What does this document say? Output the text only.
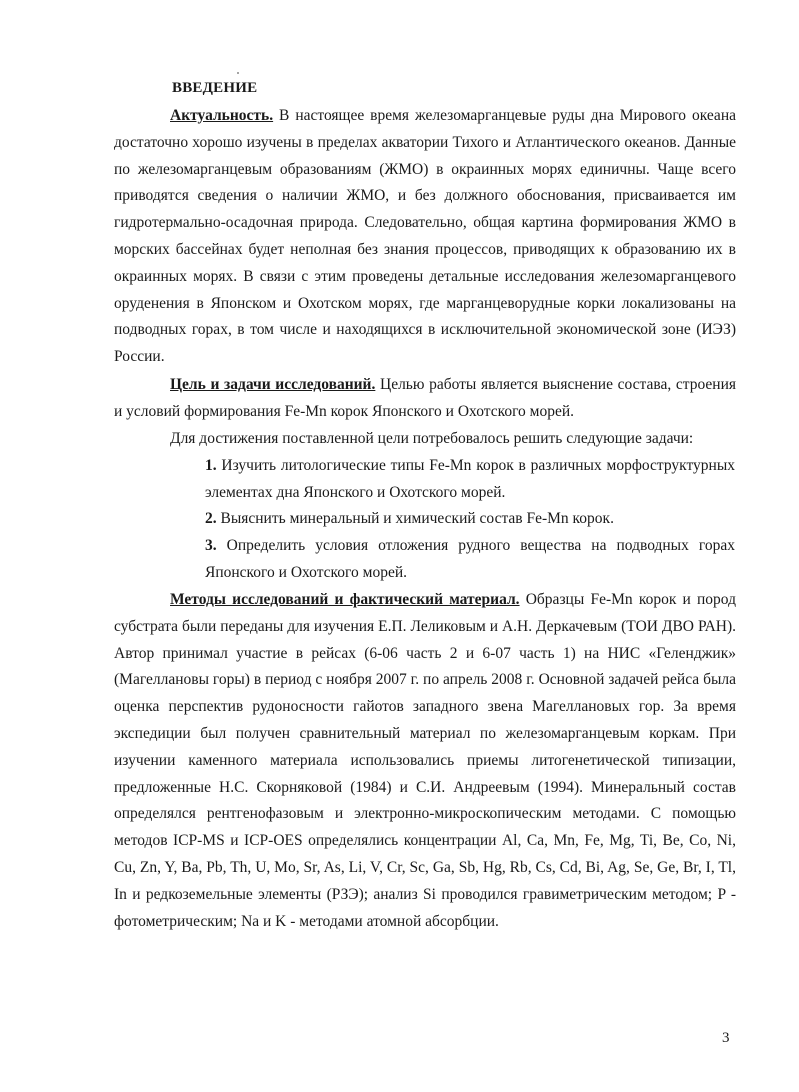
ВВЕДЕНИЕ

Актуальность. В настоящее время железомарганцевые руды дна Мирового океана достаточно хорошо изучены в пределах акватории Тихого и Атлантического океанов. Данные по железомарганцевым образованиям (ЖМО) в окраинных морях единичны. Чаще всего приводятся сведения о наличии ЖМО, и без должного обоснования, присваивается им гидротермально-осадочная природа. Следовательно, общая картина формирования ЖМО в морских бассейнах будет неполная без знания процессов, приводящих к образованию их в окраинных морях. В связи с этим проведены детальные исследования железомарганцевого оруденения в Японском и Охотском морях, где марганцеворудные корки локализованы на подводных горах, в том числе и находящихся в исключительной экономической зоне (ИЭЗ) России.

Цель и задачи исследований. Целью работы является выяснение состава, строения и условий формирования Fe-Mn корок Японского и Охотского морей.

Для достижения поставленной цели потребовалось решить следующие задачи:

1. Изучить литологические типы Fe-Mn корок в различных морфоструктурных элементах дна Японского и Охотского морей.

2. Выяснить минеральный и химический состав Fe-Mn корок.

3. Определить условия отложения рудного вещества на подводных горах Японского и Охотского морей.

Методы исследований и фактический материал. Образцы Fe-Mn корок и пород субстрата были переданы для изучения Е.П. Леликовым и А.Н. Деркачевым (ТОИ ДВО РАН). Автор принимал участие в рейсах (6-06 часть 2 и 6-07 часть 1) на НИС «Геленджик» (Магеллановы горы) в период с ноября 2007 г. по апрель 2008 г. Основной задачей рейса была оценка перспектив рудоносности гайотов западного звена Магеллановых гор. За время экспедиции был получен сравнительный материал по железомарганцевым коркам. При изучении каменного материала использовались приемы литогенетической типизации, предложенные Н.С. Скорняковой (1984) и С.И. Андреевым (1994). Минеральный состав определялся рентгенофазовым и электронно-микроскопическим методами. С помощью методов ICP-MS и ICP-OES определялись концентрации Al, Ca, Mn, Fe, Mg, Ti, Be, Co, Ni, Cu, Zn, Y, Ba, Pb, Th, U, Mo, Sr, As, Li, V, Cr, Sc, Ga, Sb, Hg, Rb, Cs, Cd, Bi, Ag, Se, Ge, Br, I, Tl, In и редкоземельные элементы (РЗЭ); анализ Si проводился гравиметрическим методом; P - фотометрическим; Na и K - методами атомной абсорбции.

3
